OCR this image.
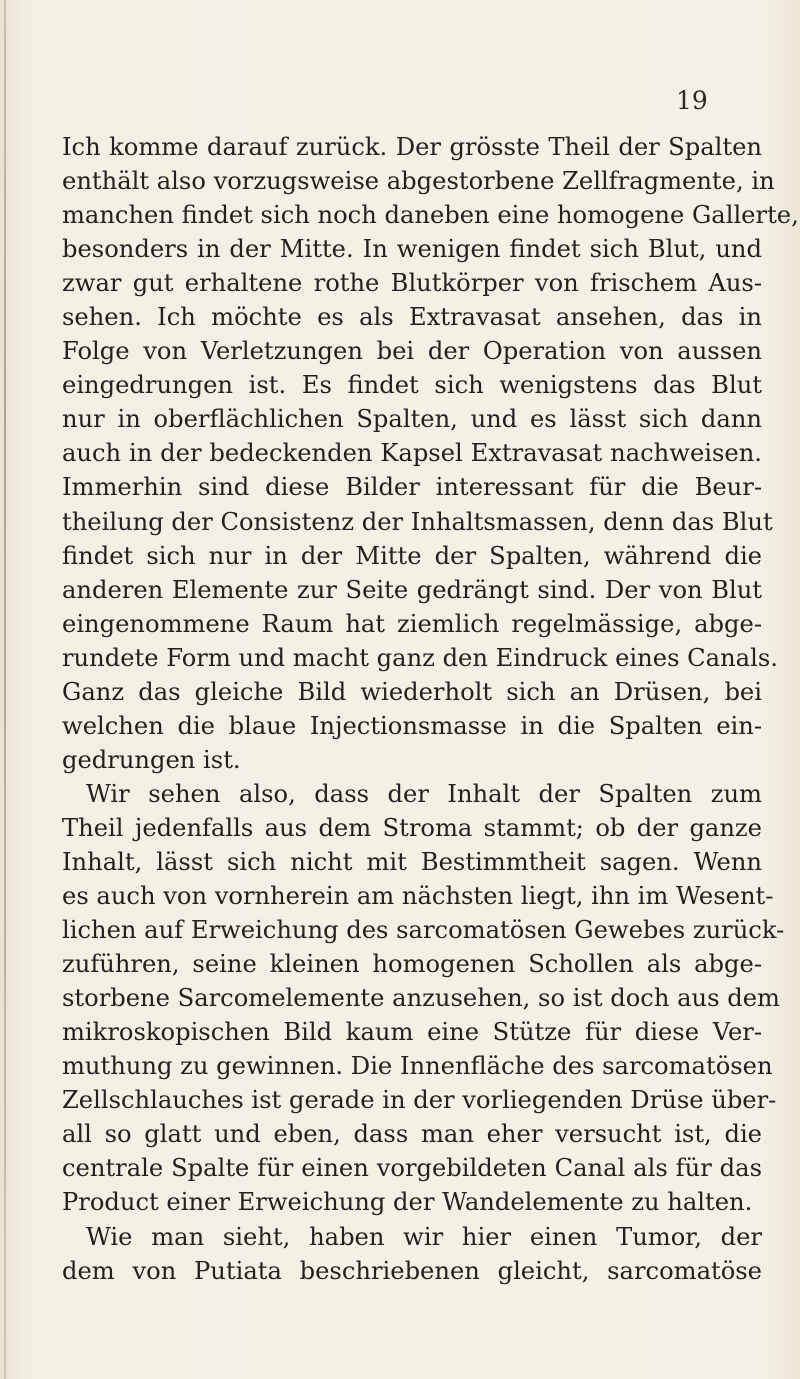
19
Ich komme darauf zurück. Der grösste Theil der Spalten
enthält also vorzugsweise abgestorbene Zellfragmente, in
manchen findet sich noch daneben eine homogene Gallerte,
besonders in der Mitte. In wenigen findet sich Blut, und
zwar gut erhaltene rothe Blutkörper von frischem Aus-
sehen. Ich möchte es als Extravasat ansehen, das in
Folge von Verletzungen bei der Operation von aussen
eingedrungen ist. Es findet sich wenigstens das Blut
nur in oberflächlichen Spalten, und es lässt sich dann
auch in der bedeckenden Kapsel Extravasat nachweisen.
Immerhin sind diese Bilder interessant für die Beur-
theilung der Consistenz der Inhaltsmassen, denn das Blut
findet sich nur in der Mitte der Spalten, während die
anderen Elemente zur Seite gedrängt sind. Der von Blut
eingenommene Raum hat ziemlich regelmässige, abge-
rundete Form und macht ganz den Eindruck eines Canals.
Ganz das gleiche Bild wiederholt sich an Drüsen, bei
welchen die blaue Injectionsmasse in die Spalten ein-
gedrungen ist.
Wir sehen also, dass der Inhalt der Spalten zum
Theil jedenfalls aus dem Stroma stammt; ob der ganze
Inhalt, lässt sich nicht mit Bestimmtheit sagen. Wenn
es auch von vornherein am nächsten liegt, ihn im Wesent-
lichen auf Erweichung des sarcomatösen Gewebes zurück-
zuführen, seine kleinen homogenen Schollen als abge-
storbene Sarcomelemente anzusehen, so ist doch aus dem
mikroskopischen Bild kaum eine Stütze für diese Ver-
muthung zu gewinnen. Die Innenfläche des sarcomatösen
Zellschlauches ist gerade in der vorliegenden Drüse über-
all so glatt und eben, dass man eher versucht ist, die
centrale Spalte für einen vorgebildeten Canal als für das
Product einer Erweichung der Wandelemente zu halten.
Wie man sieht, haben wir hier einen Tumor, der
dem von Putiata beschriebenen gleicht, sarcomatöse
